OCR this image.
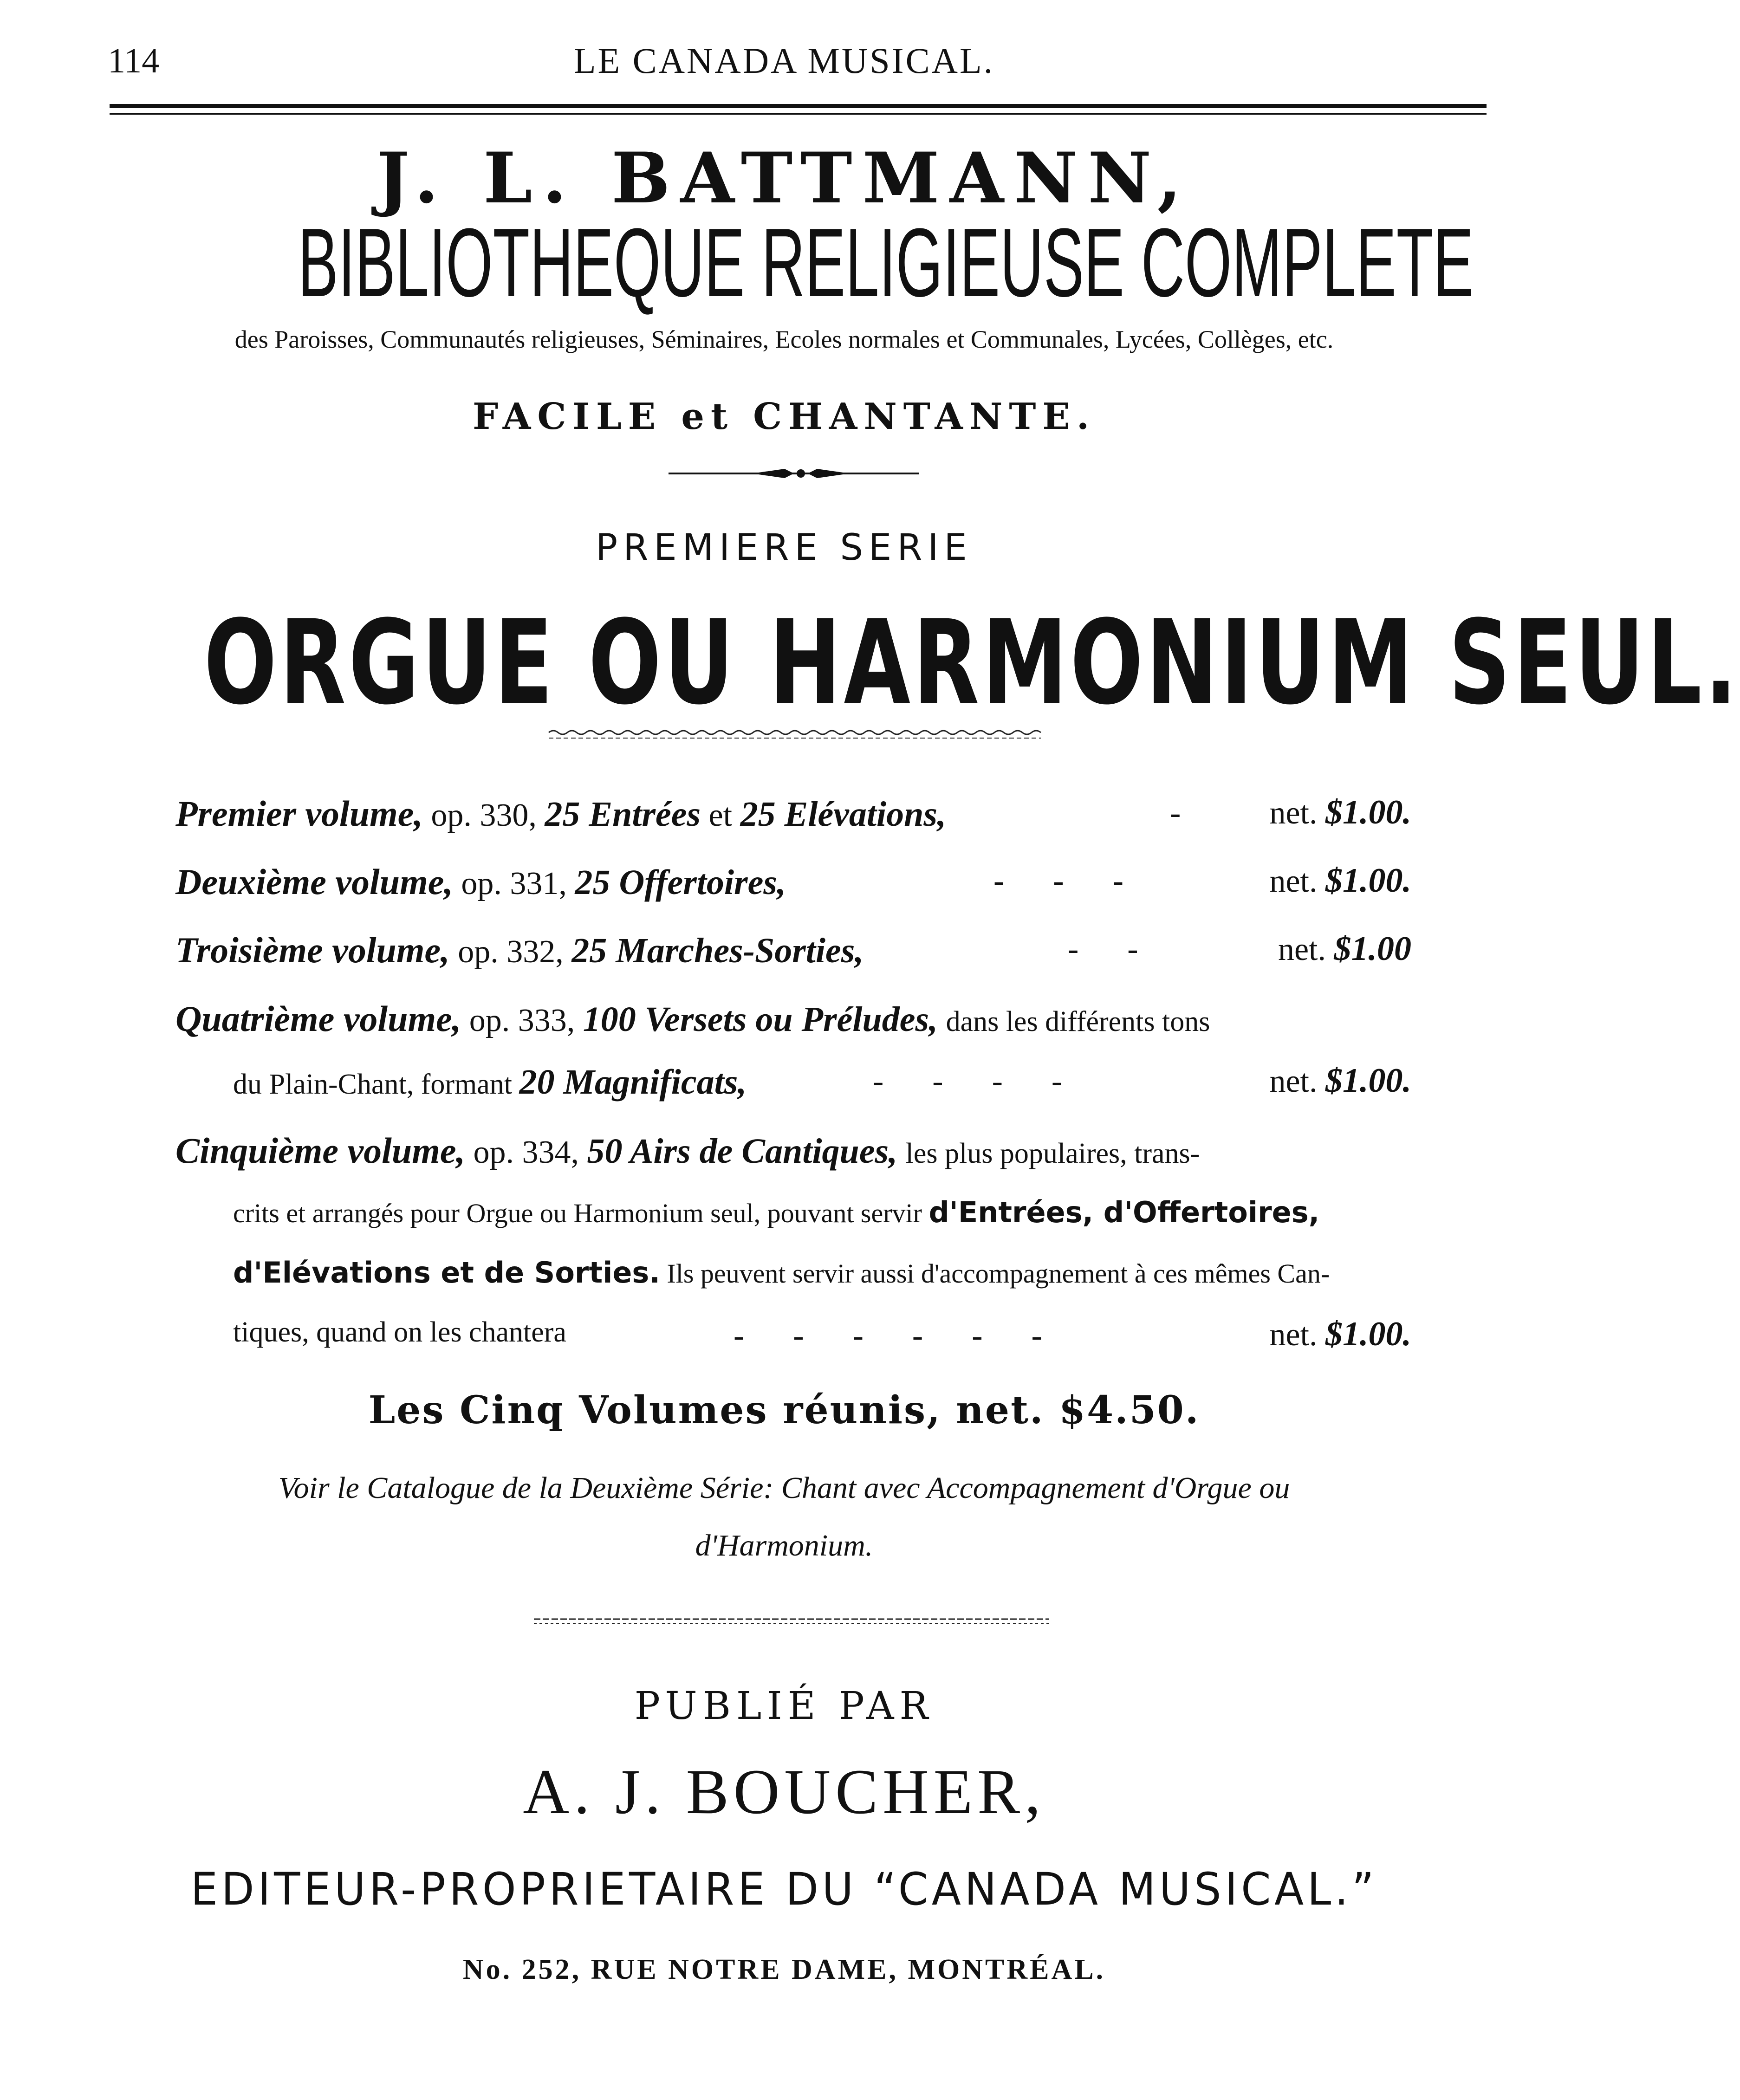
114	LE CANADA MUSICAL.
J. L. BATTMANN,
BIBLIOTHEQUE RELIGIEUSE COMPLETE
des Paroisses, Communautés religieuses, Séminaires, Ecoles normales et Communales, Lycées, Collèges, etc.
FACILE et CHANTANTE.
PREMIERE SERIE
ORGUE OU HARMONIUM SEUL.
Premier volume, op. 330, 25 Entrées et 25 Elévations,	-	net. $1.00.
Deuxième volume, op. 331, 25 Offertoires,	-      -      -	net. $1.00.
Troisième volume, op. 332, 25 Marches-Sorties,	-      -	net. $1.00
Quatrième volume, op. 333, 100 Versets ou Préludes, dans les différents tons
du Plain-Chant, formant 20 Magnificats,	-      -      -      -	net. $1.00.
Cinquième volume, op. 334, 50 Airs de Cantiques, les plus populaires, trans-
crits et arrangés pour Orgue ou Harmonium seul, pouvant servir d'Entrées, d'Offertoires,
d'Elévations et de Sorties. Ils peuvent servir aussi d'accompagnement à ces mêmes Can-
tiques, quand on les chantera	-      -      -      -      -      -	net. $1.00.
Les Cinq Volumes réunis, net. $4.50.
Voir le Catalogue de la Deuxième Série: Chant avec Accompagnement d'Orgue ou
d'Harmonium.
PUBLIÉ PAR
A. J. BOUCHER,
EDITEUR-PROPRIETAIRE DU “CANADA MUSICAL.”
No. 252, RUE NOTRE DAME, MONTRÉAL.
